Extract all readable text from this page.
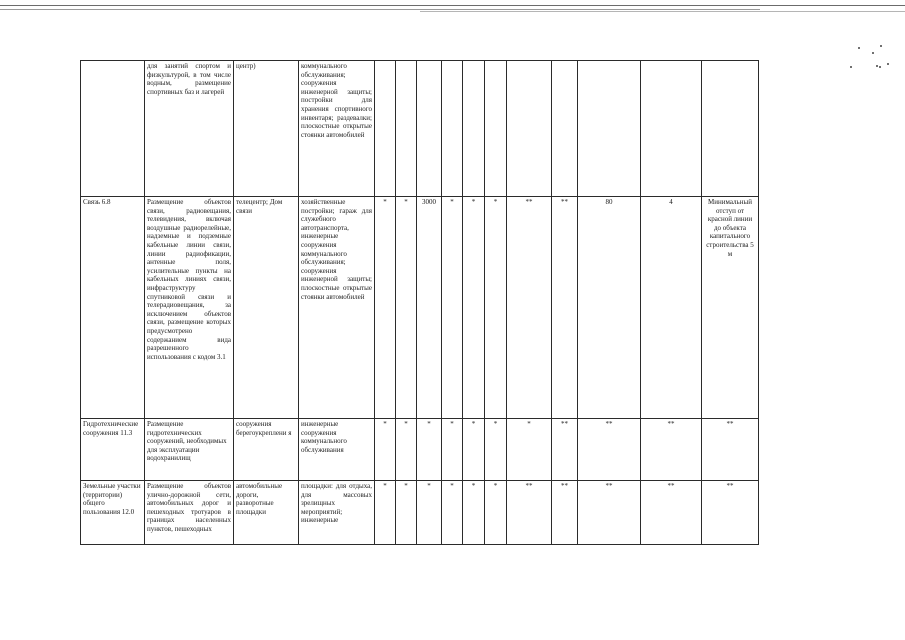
	для занятий спортом и физкультурой, в том числе водным, размещение спортивных баз и лагерей	центр)	коммунального обслуживания; сооружения инженерной защиты; постройки для хранения спортивного инвентаря; раздевалки; плоскостные открытые стоянки автомобилей											
Связь 6.8	Размещение объектов связи, радиовещания, телевидения, включая воздушные радиорелейные, надземные и подземные кабельные линии связи, линии радиофикации, антенные поля, усилительные пункты на кабельных линиях связи, инфраструктуру спутниковой связи и телерадиовещания, за исключением объектов связи, размещение которых предусмотрено содержанием вида разрешенного использования с кодом 3.1	телецентр; Дом связи	хозяйственные постройки; гараж для служебного автотранспорта, инженерные сооружения коммунального обслуживания; сооружения инженерной защиты; плоскостные открытые стоянки автомобилей	*	*	3000	*	*	*	**	**	80	4	Минимальный отступ от красной линии до объекта капитального строительства 5 м
Гидротехнические сооружения 11.3	Размещение гидротехнических сооружений, необходимых для эксплуатации водохранилищ	сооружения берегоукреплени я	инженерные сооружения коммунального обслуживания	*	*	*	*	*	*	*	**	**	**	**
Земельные участки (территории) общего пользования 12.0	Размещение объектов улично-дорожной сети, автомобильных дорог и пешеходных тротуаров в границах населенных пунктов, пешеходных	автомобильные дороги, разворотные площадки	площадки: для отдыха, для массовых зрелищных мероприятий; инженерные	*	*	*	*	*	*	**	**	**	**	**
